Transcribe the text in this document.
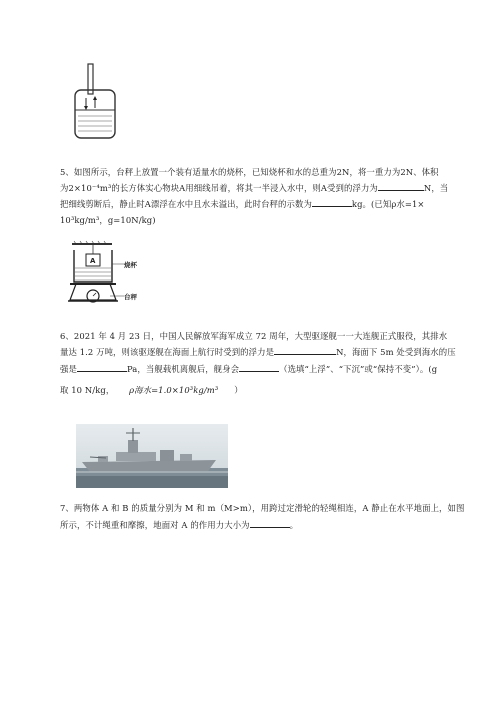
5、如图所示，台秤上放置一个装有适量水的烧杯，已知烧杯和水的总重为2N，将一重力为2N、体积
为2×10⁻⁴m³的长方体实心物块A用细线吊着，将其一半浸入水中，则A受到的浮力为	N，当
把细线剪断后，静止时A漂浮在水中且水未溢出，此时台秤的示数为	kg。(已知ρ水=1×
10³kg/m³，g=10N/kg)
A	烧杯
台秤
6、2021 年 4 月 23 日，中国人民解放军海军成立 72 周年，大型驱逐舰一一大连舰正式服役，其排水
量达 1.2 万吨，则该驱逐舰在海面上航行时受到的浮力是	N，海面下 5m 处受到海水的压
强是	Pa，当舰载机离舰后，舰身会	（选填“上浮”、“下沉”或“保持不变”）。(g
取 10 N/kg， ρ海水=1.0×10³kg/m³ ）
7、两物体 A 和 B 的质量分别为 M 和 m（M>m），用跨过定滑轮的轻绳相连，A 静止在水平地面上，如图
所示，不计绳重和摩擦，地面对 A 的作用力大小为	。
